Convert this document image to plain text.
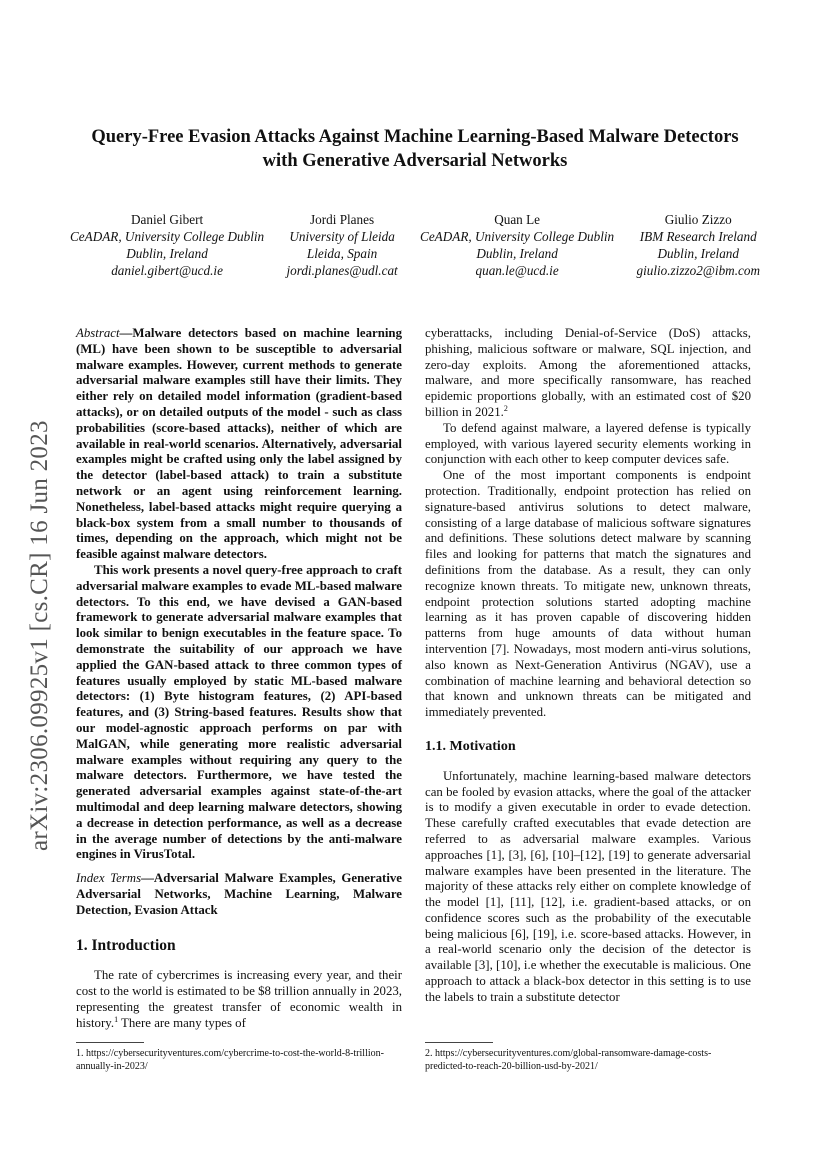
arXiv:2306.09925v1 [cs.CR] 16 Jun 2023
Query-Free Evasion Attacks Against Machine Learning-Based Malware Detectors with Generative Adversarial Networks
Daniel Gibert
CeADAR, University College Dublin
Dublin, Ireland
daniel.gibert@ucd.ie
Jordi Planes
University of Lleida
Lleida, Spain
jordi.planes@udl.cat
Quan Le
CeADAR, University College Dublin
Dublin, Ireland
quan.le@ucd.ie
Giulio Zizzo
IBM Research Ireland
Dublin, Ireland
giulio.zizzo2@ibm.com

Abstract—Malware detectors based on machine learning (ML) have been shown to be susceptible to adversarial malware examples. However, current methods to generate adversarial malware examples still have their limits. They either rely on detailed model information (gradient-based attacks), or on detailed outputs of the model - such as class probabilities (score-based attacks), neither of which are available in real-world scenarios. Alternatively, adversarial examples might be crafted using only the label assigned by the detector (label-based attack) to train a substitute network or an agent using reinforcement learning. Nonetheless, label-based attacks might require querying a black-box system from a small number to thousands of times, depending on the approach, which might not be feasible against malware detectors.

This work presents a novel query-free approach to craft adversarial malware examples to evade ML-based malware detectors. To this end, we have devised a GAN-based framework to generate adversarial malware examples that look similar to benign executables in the feature space. To demonstrate the suitability of our approach we have applied the GAN-based attack to three common types of features usually employed by static ML-based malware detectors: (1) Byte histogram features, (2) API-based features, and (3) String-based features. Results show that our model-agnostic approach performs on par with MalGAN, while generating more realistic adversarial malware examples without requiring any query to the malware detectors. Furthermore, we have tested the generated adversarial examples against state-of-the-art multimodal and deep learning malware detectors, showing a decrease in detection performance, as well as a decrease in the average number of detections by the anti-malware engines in VirusTotal.

Index Terms—Adversarial Malware Examples, Generative Adversarial Networks, Machine Learning, Malware Detection, Evasion Attack

1. Introduction

The rate of cybercrimes is increasing every year, and their cost to the world is estimated to be $8 trillion annually in 2023, representing the greatest transfer of economic wealth in history.$^1$ There are many types of

cyberattacks, including Denial-of-Service (DoS) attacks, phishing, malicious software or malware, SQL injection, and zero-day exploits. Among the aforementioned attacks, malware, and more specifically ransomware, has reached epidemic proportions globally, with an estimated cost of $20 billion in 2021.$^2$

To defend against malware, a layered defense is typically employed, with various layered security elements working in conjunction with each other to keep computer devices safe.

One of the most important components is endpoint protection. Traditionally, endpoint protection has relied on signature-based antivirus solutions to detect malware, consisting of a large database of malicious software signatures and definitions. These solutions detect malware by scanning files and looking for patterns that match the signatures and definitions from the database. As a result, they can only recognize known threats. To mitigate new, unknown threats, endpoint protection solutions started adopting machine learning as it has proven capable of discovering hidden patterns from huge amounts of data without human intervention [7]. Nowadays, most modern anti-virus solutions, also known as Next-Generation Antivirus (NGAV), use a combination of machine learning and behavioral detection so that known and unknown threats can be mitigated and immediately prevented.

1.1. Motivation

Unfortunately, machine learning-based malware detectors can be fooled by evasion attacks, where the goal of the attacker is to modify a given executable in order to evade detection. These carefully crafted executables that evade detection are referred to as adversarial malware examples. Various approaches [1], [3], [6], [10]–[12], [19] to generate adversarial malware examples have been presented in the literature. The majority of these attacks rely either on complete knowledge of the model [1], [11], [12], i.e. gradient-based attacks, or on confidence scores such as the probability of the executable being malicious [6], [19], i.e. score-based attacks. However, in a real-world scenario only the decision of the detector is available [3], [10], i.e whether the executable is malicious. One approach to attack a black-box detector in this setting is to use the labels to train a substitute detector

1. https://cybersecurityventures.com/cybercrime-to-cost-the-world-8-trillion-annually-in-2023/
2. https://cybersecurityventures.com/global-ransomware-damage-costs-predicted-to-reach-20-billion-usd-by-2021/
